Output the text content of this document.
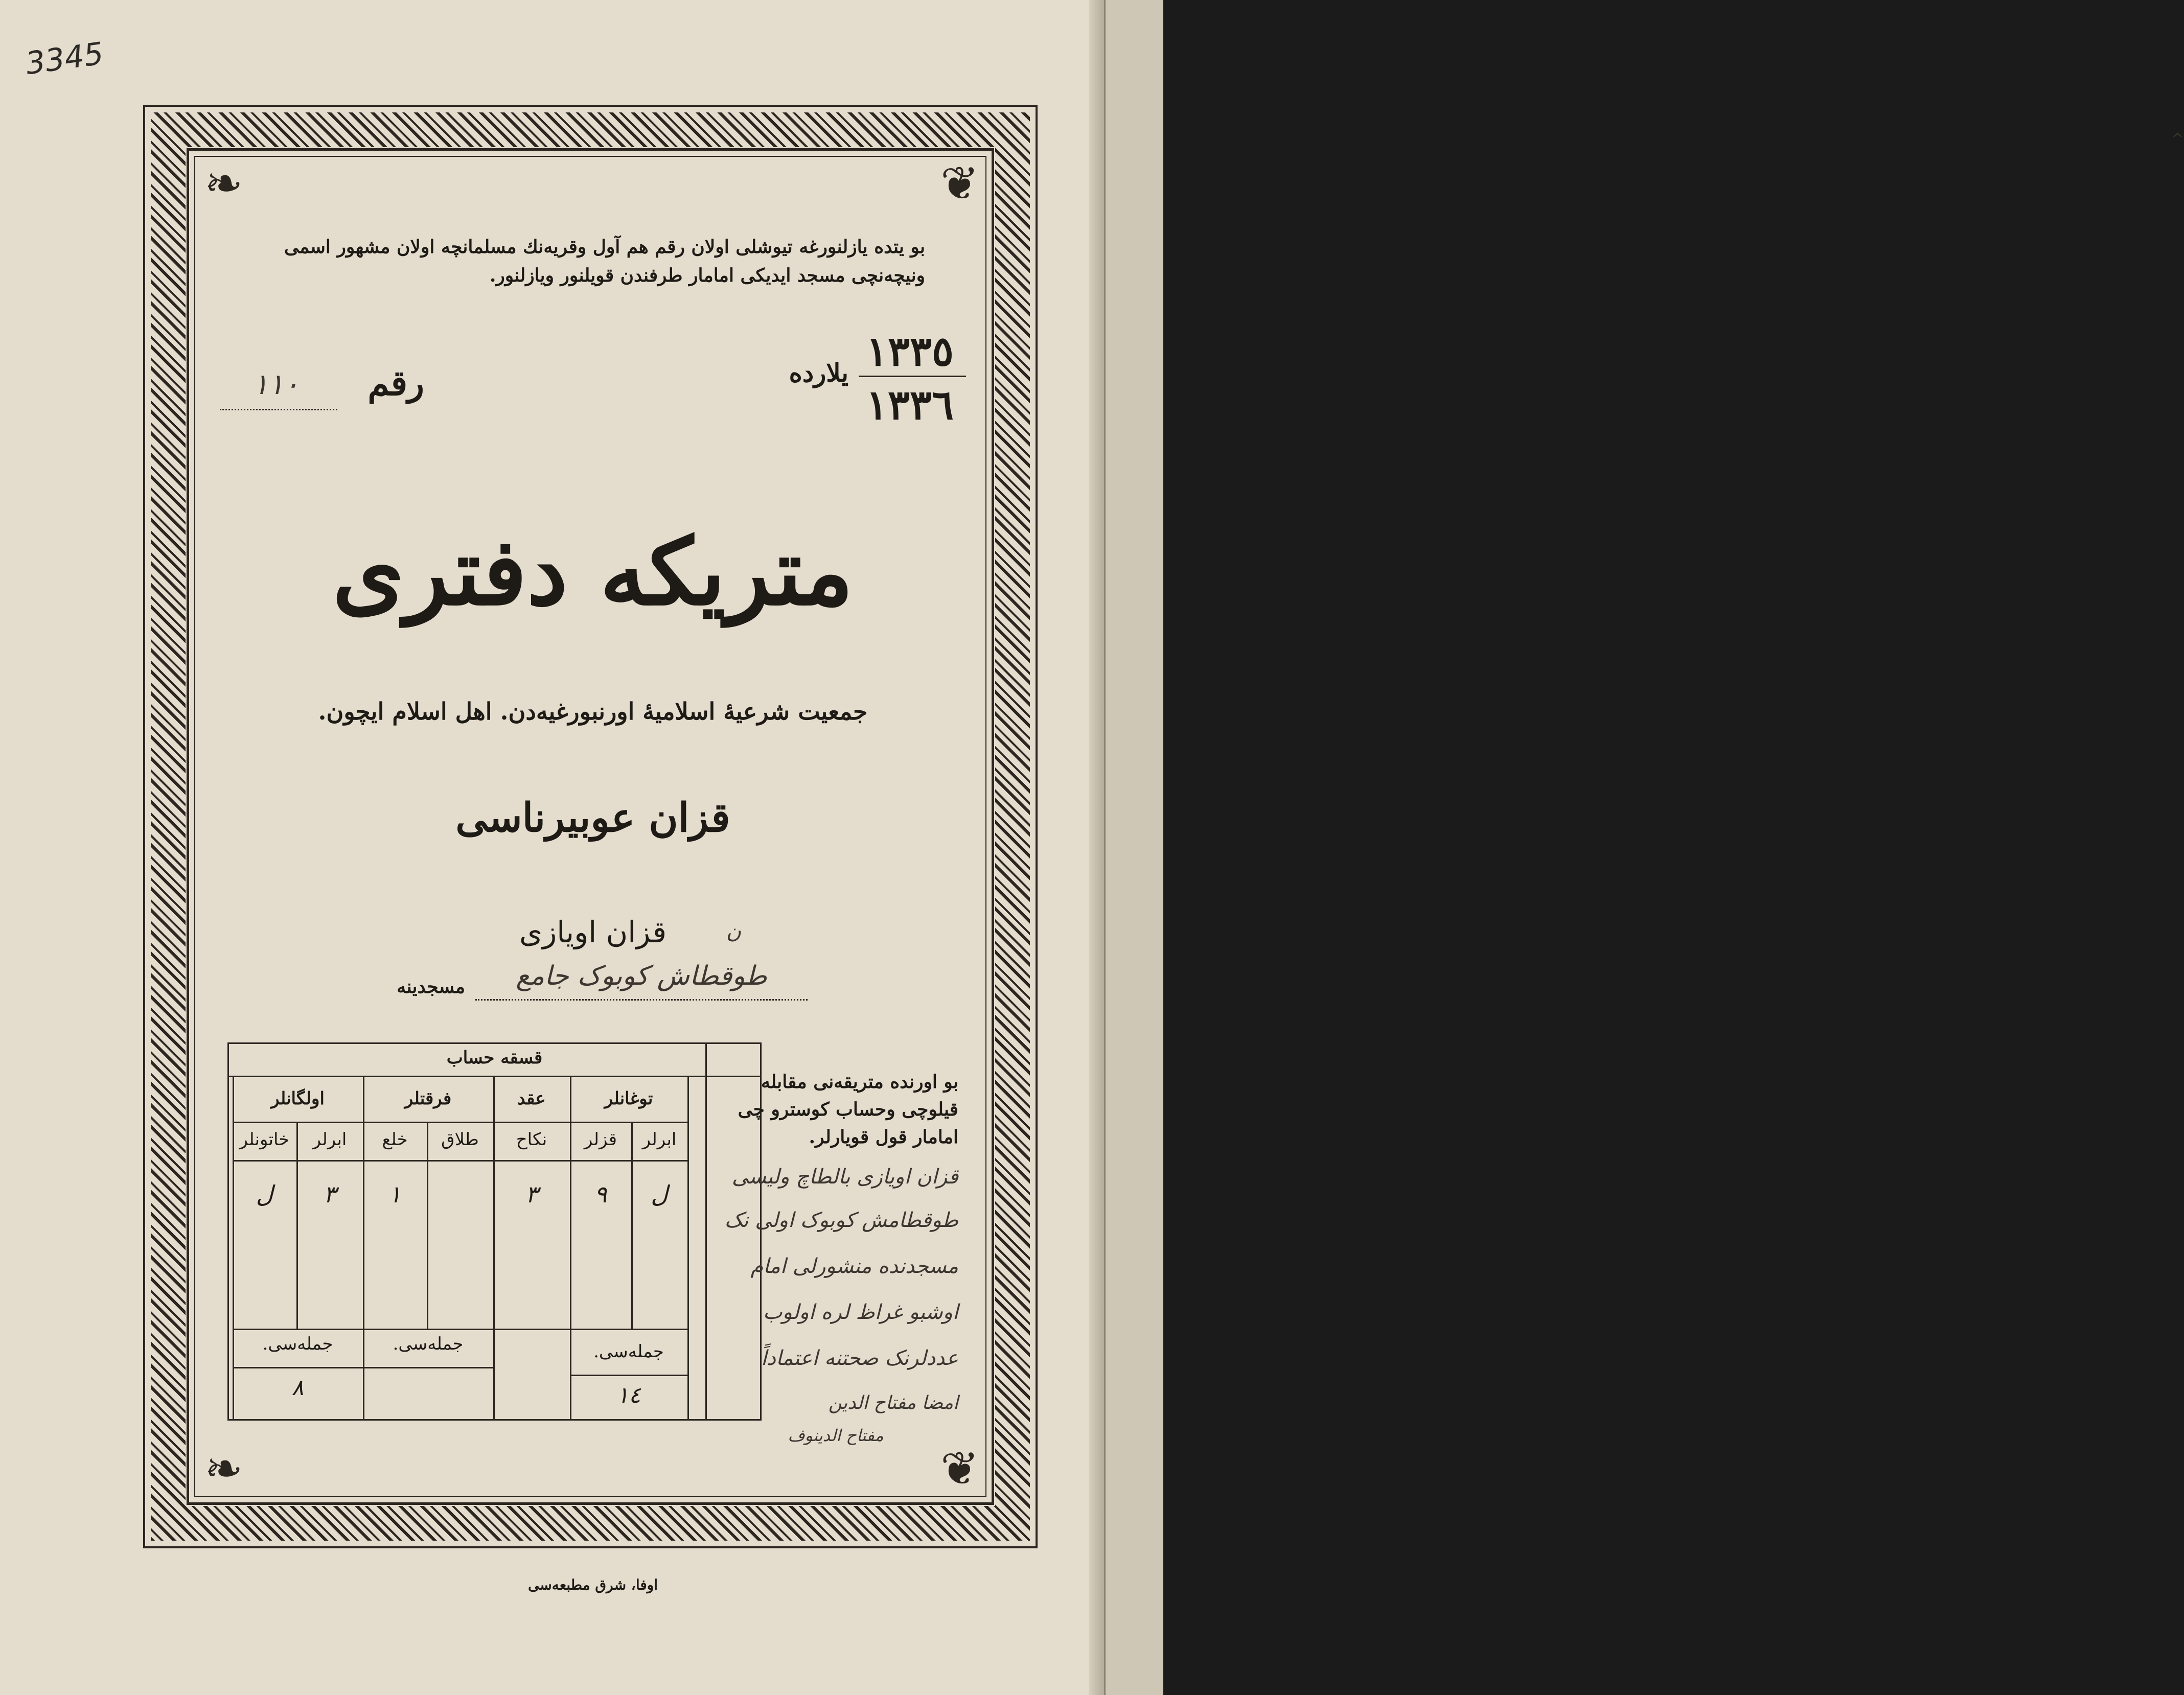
^
3345
❦
❧
❧	❦
بو يتده يازلنورغه تيوشلى اولان رقم هم آول وقريه‌نك مسلمانچه اولان مشهور اسمى ونيچه‌نچى مسجد ايديكى امامار طرفندن قويلنور ويازلنور.
١٣٣٥
١٣٣٦
يلارده
رقم
١١٠
متريكه دفترى
جمعيت شرعيهٔ اسلاميهٔ اورنبورغيه‌دن. اهل اسلام ايچون.
قزان عوبيرناسى
ن
قزان اويازى
طوقطاش کوبوک جامع
مسجدينه
قسقه حساب
توغانلر
عقد
فرقتلر
اولگانلر
ابرلر
قزلر
نكاح
طلاق
خلع
ابرلر
خاتونلر
ل
٩
٣
١
٣
ل
جمله‌سى.
جمله‌سى.
جمله‌سى.
١٤
٨
بو اورنده متريقه‌نى مقابله قيلوچى وحساب كوسترو چى امامار قول قويارلر.
قزان اويازى بالطاچ وليسى
طوقطامش کوبوک اولى نک
مسجدنده منشورلى امام
اوشبو غراظ لره اولوب
عددلرنک صحتنه اعتماداً
امضا مفتاح الدين
مفتاح الدينوف
اوفا، شرق مطبعه‌سى
